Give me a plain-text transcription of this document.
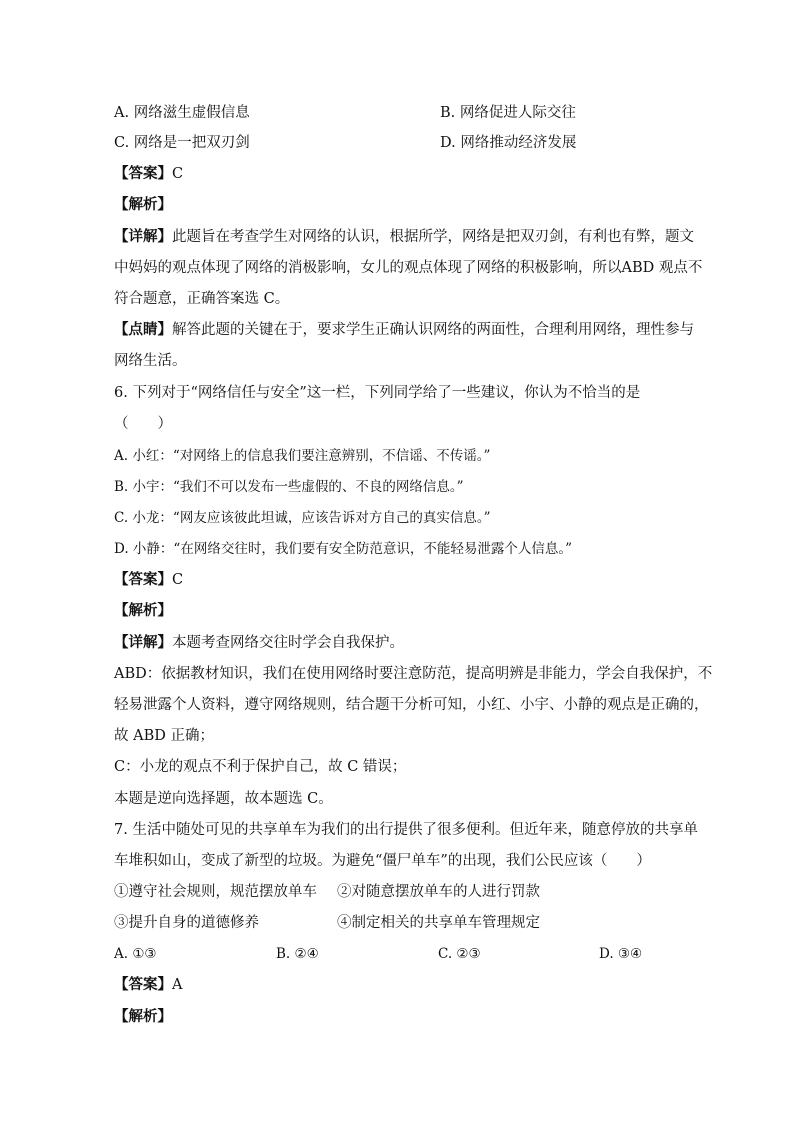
A. 网络滋生虚假信息	B. 网络促进人际交往
C. 网络是一把双刃剑	D. 网络推动经济发展
【答案】C
【解析】
【详解】此题旨在考查学生对网络的认识，根据所学，网络是把双刃剑，有利也有弊，题文
中妈妈的观点体现了网络的消极影响，女儿的观点体现了网络的积极影响，所以ABD 观点不
符合题意，正确答案选 C。
【点睛】解答此题的关键在于，要求学生正确认识网络的两面性，合理利用网络，理性参与
网络生活。
6. 下列对于“网络信任与安全”这一栏，下列同学给了一些建议，你认为不恰当的是
（　　）
A. 小红：“对网络上的信息我们要注意辨别，不信谣、不传谣。”
B. 小宇：“我们不可以发布一些虚假的、不良的网络信息。”
C. 小龙：“网友应该彼此坦诚，应该告诉对方自己的真实信息。”
D. 小静：“在网络交往时，我们要有安全防范意识，不能轻易泄露个人信息。”
【答案】C
【解析】
【详解】本题考查网络交往时学会自我保护。
ABD：依据教材知识，我们在使用网络时要注意防范，提高明辨是非能力，学会自我保护，不
轻易泄露个人资料，遵守网络规则，结合题干分析可知，小红、小宇、小静的观点是正确的，
故 ABD 正确；
C：小龙的观点不利于保护自己，故 C 错误；
本题是逆向选择题，故本题选 C。
7. 生活中随处可见的共享单车为我们的出行提供了很多便利。但近年来，随意停放的共享单
车堆积如山，变成了新型的垃圾。为避免“僵尸单车”的出现，我们公民应该（　　）
①遵守社会规则，规范摆放单车 ②对随意摆放单车的人进行罚款
③提升自身的道德修养	④制定相关的共享单车管理规定
A. ①③	B. ②④	C. ②③	D. ③④
【答案】A
【解析】
